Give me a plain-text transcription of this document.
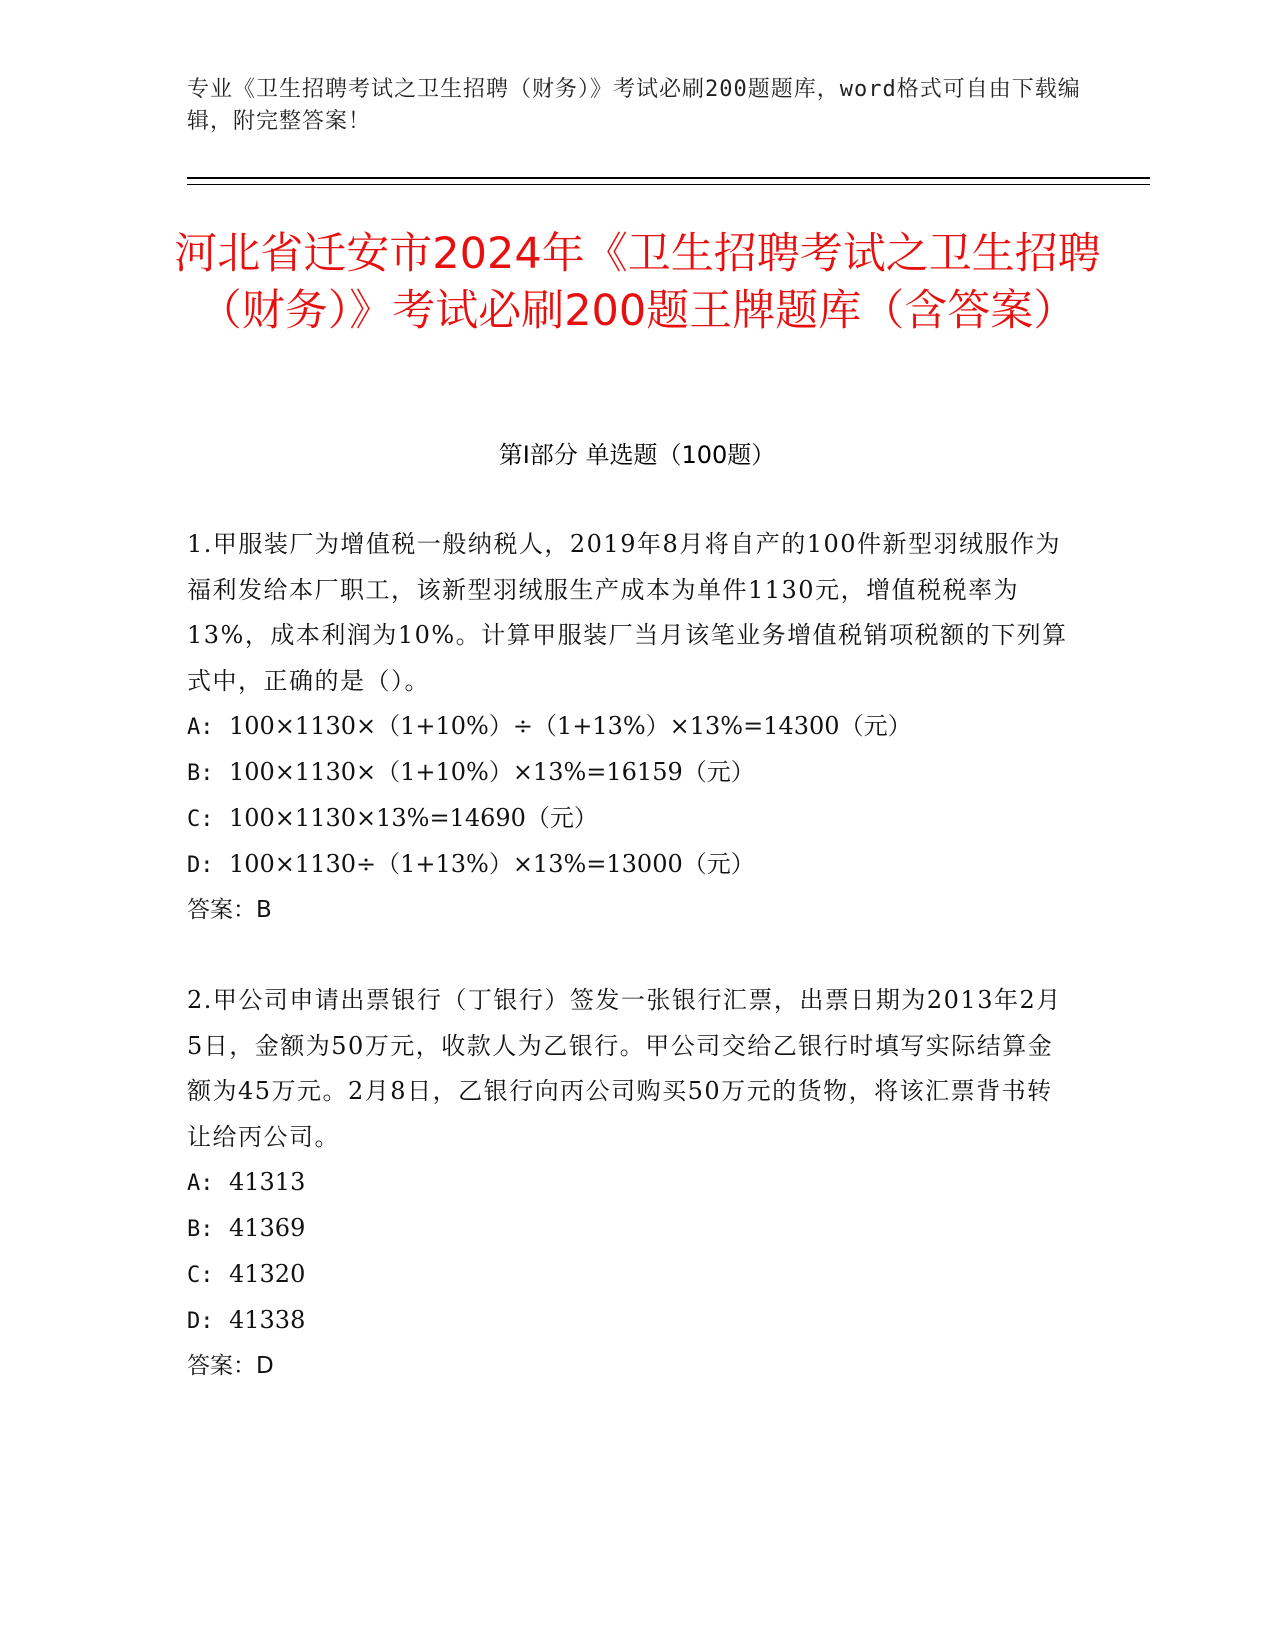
专业《卫生招聘考试之卫生招聘（财务）》考试必刷200题题库，word格式可自由下载编辑，附完整答案！
河北省迁安市2024年《卫生招聘考试之卫生招聘（财务）》考试必刷200题王牌题库（含答案）
第I部分 单选题（100题）

1.甲服装厂为增值税一般纳税人，2019年8月将自产的100件新型羽绒服作为福利发给本厂职工，该新型羽绒服生产成本为单件1130元，增值税税率为13%，成本利润为10%。计算甲服装厂当月该笔业务增值税销项税额的下列算式中，正确的是（）。

A: 100×1130×（1+10%）÷（1+13%）×13%=14300（元）

B: 100×1130×（1+10%）×13%=16159（元）

C: 100×1130×13%=14690（元）

D: 100×1130÷（1+13%）×13%=13000（元）

答案：B

2.甲公司申请出票银行（丁银行）签发一张银行汇票，出票日期为2013年2月5日，金额为50万元，收款人为乙银行。甲公司交给乙银行时填写实际结算金额为45万元。2月8日，乙银行向丙公司购买50万元的货物，将该汇票背书转让给丙公司。

A: 41313

B: 41369

C: 41320

D: 41338

答案：D
